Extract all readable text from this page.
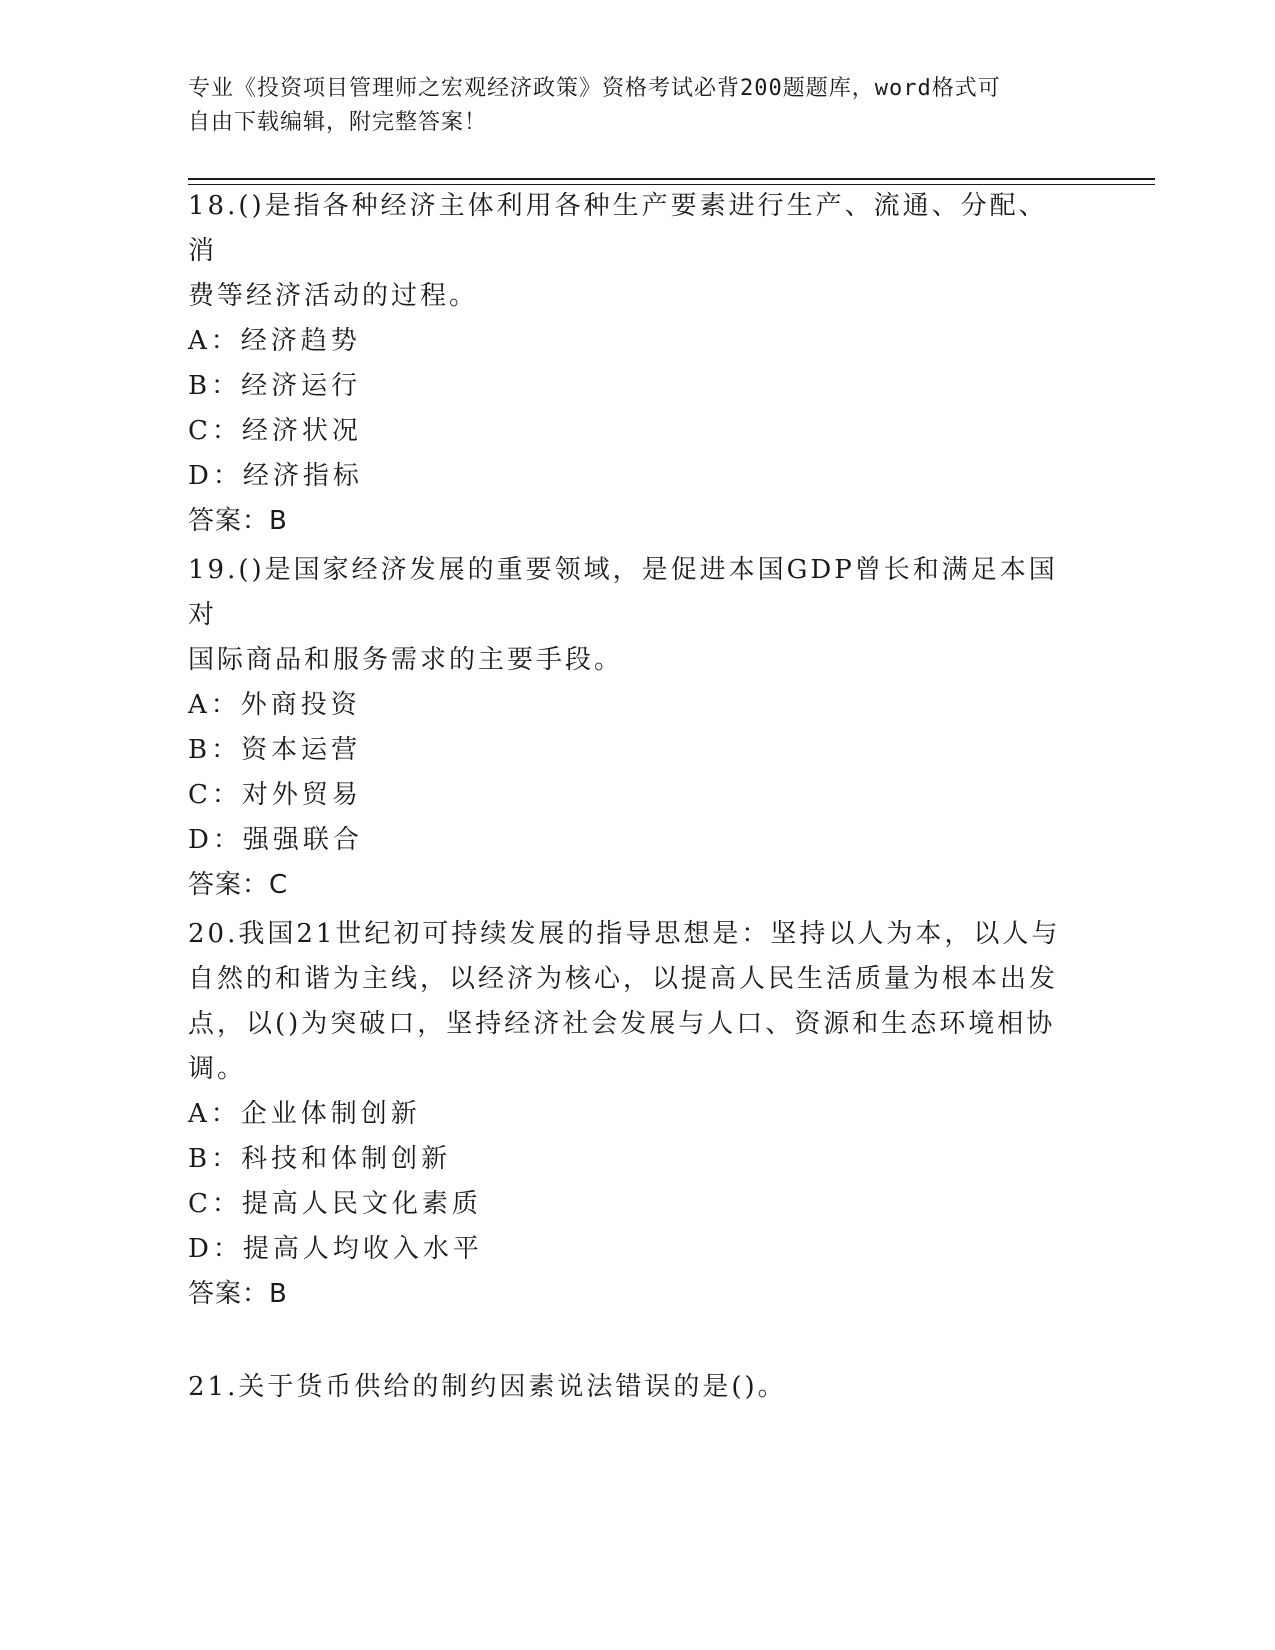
专业《投资项目管理师之宏观经济政策》资格考试必背200题题库，word格式可
自由下载编辑，附完整答案！

18.()是指各种经济主体利用各种生产要素进行生产、流通、分配、消

费等经济活动的过程。

A：经济趋势

B：经济运行

C：经济状况

D：经济指标

答案：B

19.()是国家经济发展的重要领域，是促进本国GDP曾长和满足本国对

国际商品和服务需求的主要手段。

A：外商投资

B：资本运营

C：对外贸易

D：强强联合

答案：C

20.我国21世纪初可持续发展的指导思想是：坚持以人为本，以人与

自然的和谐为主线，以经济为核心，以提高人民生活质量为根本出发

点，以()为突破口，坚持经济社会发展与人口、资源和生态环境相协

调。

A：企业体制创新

B：科技和体制创新

C：提高人民文化素质

D：提高人均收入水平

答案：B

21.关于货币供给的制约因素说法错误的是()。
